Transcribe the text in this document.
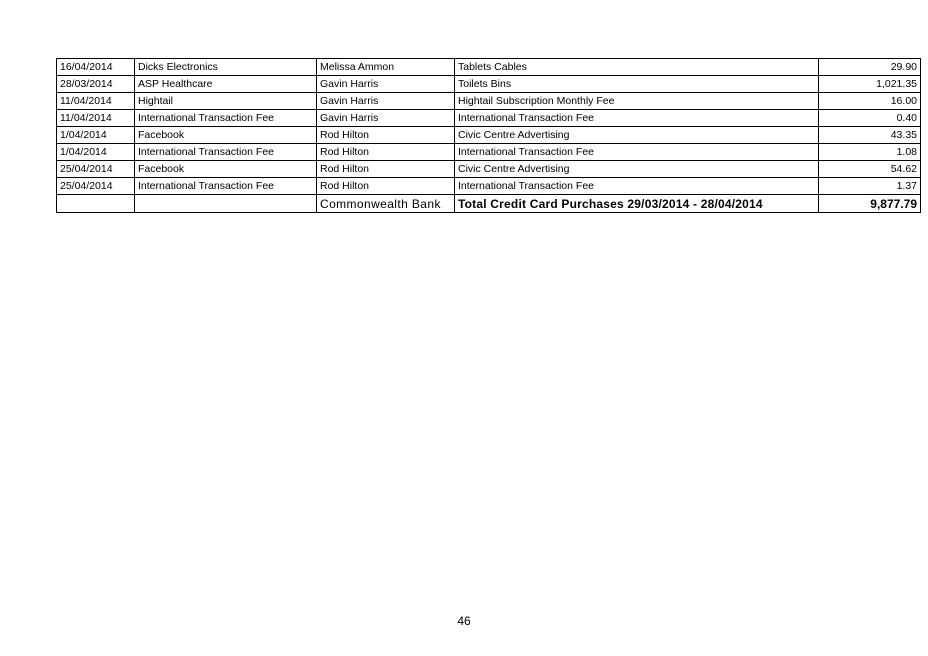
16/04/2014	Dicks Electronics	Melissa Ammon	Tablets Cables	29.90
28/03/2014	ASP Healthcare	Gavin Harris	Toilets Bins	1,021.35
11/04/2014	Hightail	Gavin Harris	Hightail Subscription Monthly Fee	16.00
11/04/2014	International Transaction Fee	Gavin Harris	International Transaction Fee	0.40
1/04/2014	Facebook	Rod Hilton	Civic Centre Advertising	43.35
1/04/2014	International Transaction Fee	Rod Hilton	International Transaction Fee	1.08
25/04/2014	Facebook	Rod Hilton	Civic Centre Advertising	54.62
25/04/2014	International Transaction Fee	Rod Hilton	International Transaction Fee	1.37
		Commonwealth Bank	Total Credit Card Purchases 29/03/2014 - 28/04/2014	9,877.79
46
